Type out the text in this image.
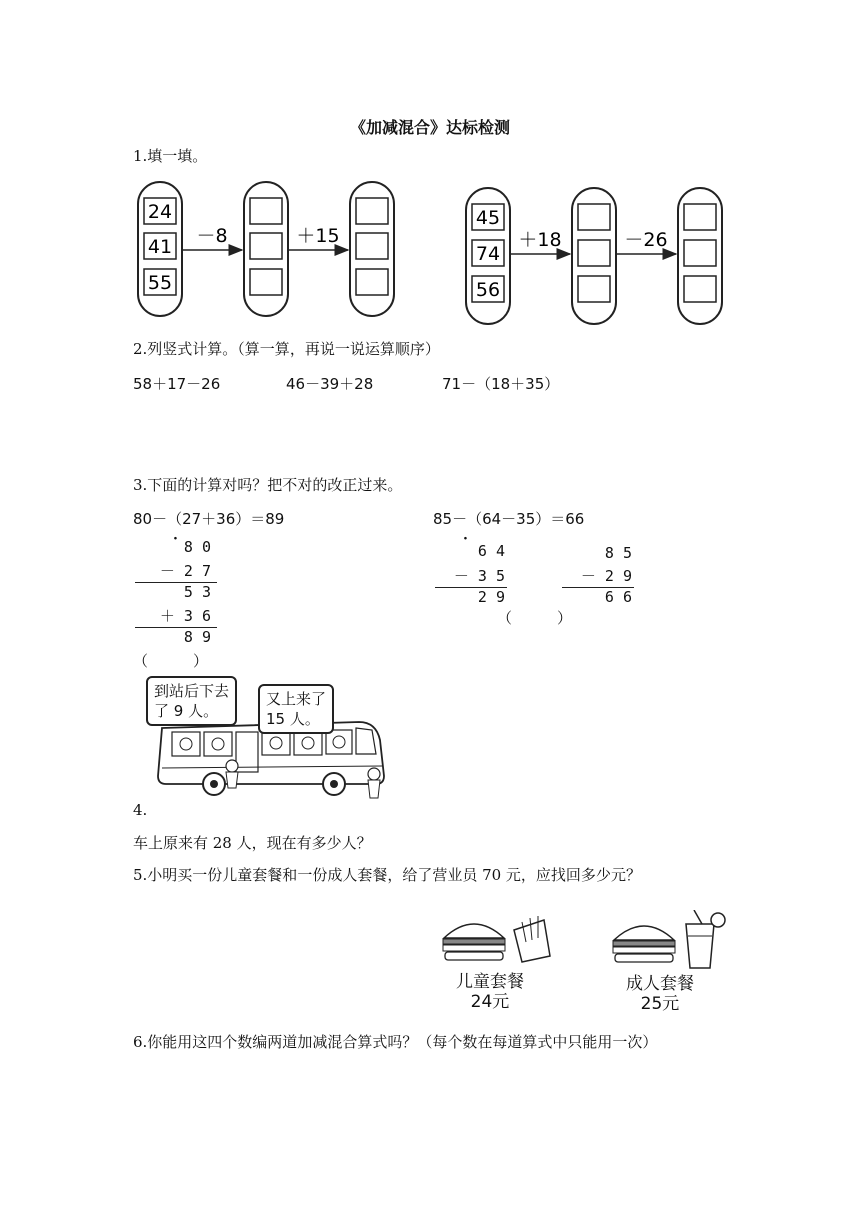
《加减混合》达标检测
1.填一填。
24
41
55
－8	＋15
45
74
56
＋18	－26
2.列竖式计算。（算一算，再说一说运算顺序）
58＋17－26	46－39＋28	71－（18＋35）
3.下面的计算对吗？把不对的改正过来。
80－（27＋36）＝89	85－（64－35）＝66
· 8 0
－ 2 7
5 3
＋ 3 6
8 9
（　　　）
·
6 4
－ 3 5
2 9
（　　　）
8 5
－ 2 9
6 6
到站后下去
了 9 人。
又上来了
15 人。
4.
车上原来有 28 人，现在有多少人？
5.小明买一份儿童套餐和一份成人套餐，给了营业员 70 元，应找回多少元？
儿童套餐
24元
成人套餐
25元
6.你能用这四个数编两道加减混合算式吗？（每个数在每道算式中只能用一次）
